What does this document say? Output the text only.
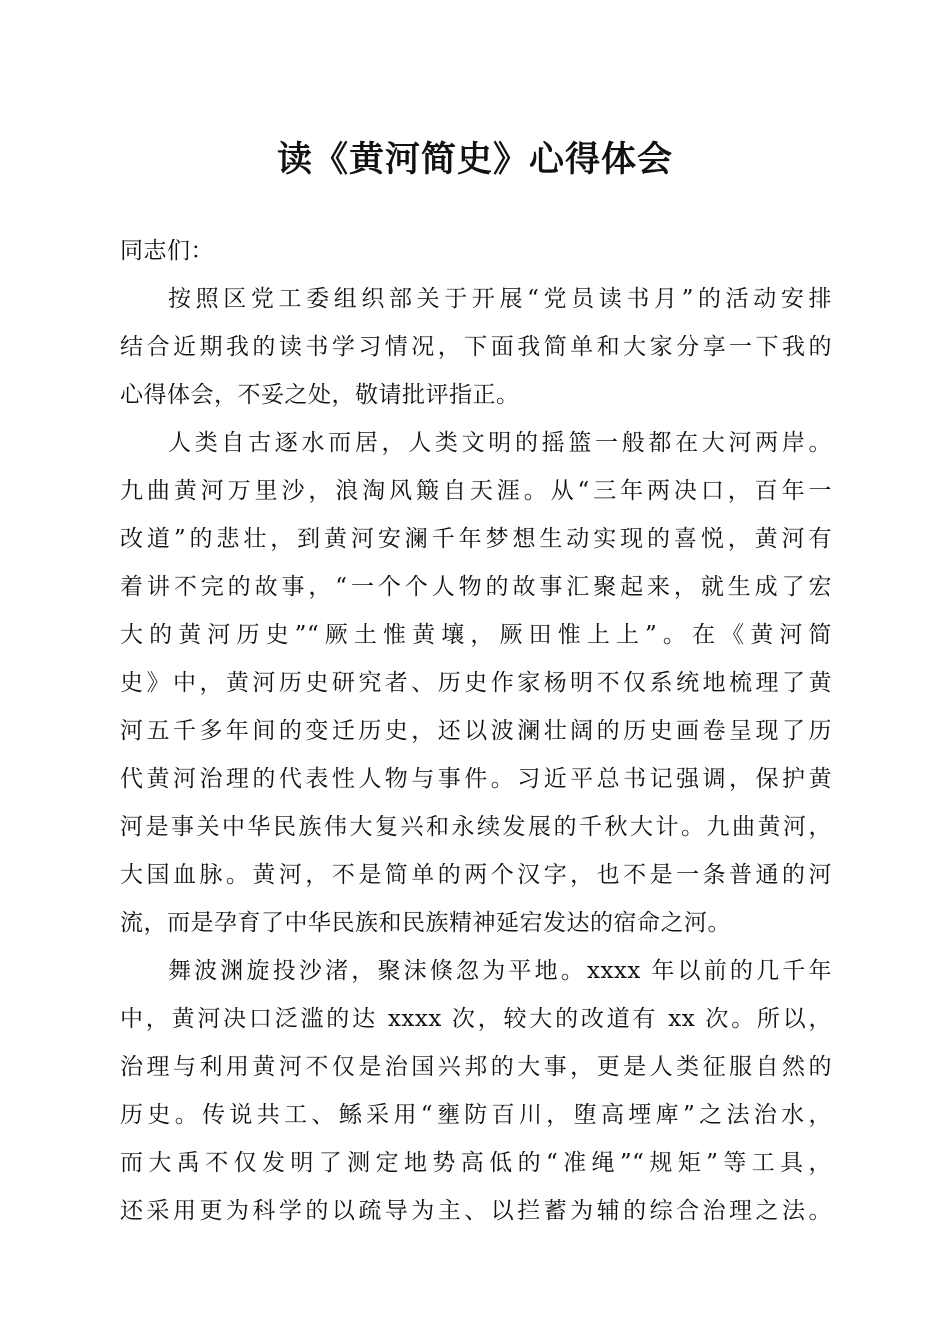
读《黄河简史》心得体会
同志们：
按照区党工委组织部关于开展“党员读书月”的活动安排
结合近期我的读书学习情况，下面我简单和大家分享一下我的
心得体会，不妥之处，敬请批评指正。
人类自古逐水而居，人类文明的摇篮一般都在大河两岸。
九曲黄河万里沙，浪淘风簸自天涯。从“三年两决口，百年一
改道”的悲壮，到黄河安澜千年梦想生动实现的喜悦，黄河有
着讲不完的故事，“一个个人物的故事汇聚起来，就生成了宏
大的黄河历史”“厥土惟黄壤，厥田惟上上”。在《黄河简
史》中，黄河历史研究者、历史作家杨明不仅系统地梳理了黄
河五千多年间的变迁历史，还以波澜壮阔的历史画卷呈现了历
代黄河治理的代表性人物与事件。习近平总书记强调，保护黄
河是事关中华民族伟大复兴和永续发展的千秋大计。九曲黄河，
大国血脉。黄河，不是简单的两个汉字，也不是一条普通的河
流，而是孕育了中华民族和民族精神延宕发达的宿命之河。
舞波渊旋投沙渚，聚沫倏忽为平地。xxxx 年以前的几千年
中，黄河决口泛滥的达 xxxx 次，较大的改道有 xx 次。所以，
治理与利用黄河不仅是治国兴邦的大事，更是人类征服自然的
历史。传说共工、鲧采用“壅防百川，堕高堙庳”之法治水，
而大禹不仅发明了测定地势高低的“准绳”“规矩”等工具，
还采用更为科学的以疏导为主、以拦蓄为辅的综合治理之法。
